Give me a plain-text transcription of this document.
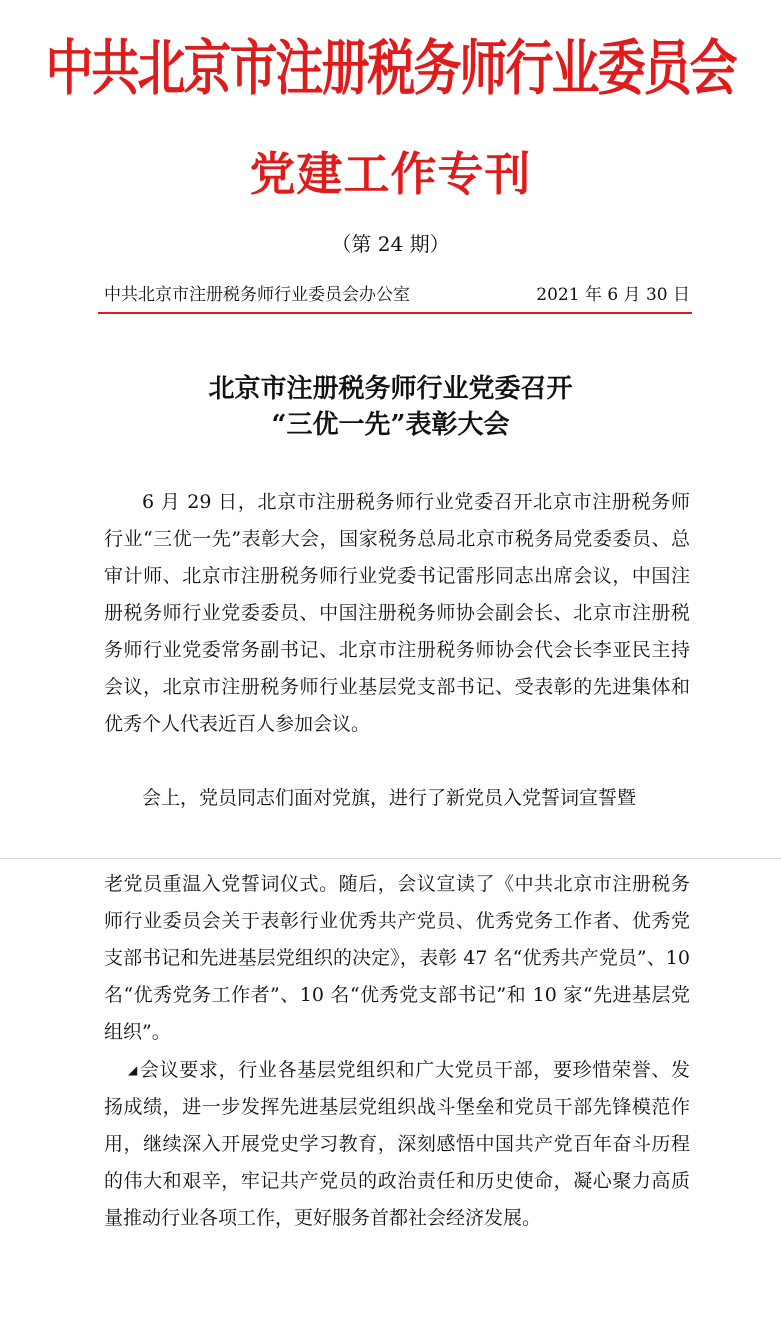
中共北京市注册税务师行业委员会
党建工作专刊
（第 24 期）
中共北京市注册税务师行业委员会办公室	2021 年 6 月 30 日
北京市注册税务师行业党委召开
“三优一先”表彰大会

6 月 29 日，北京市注册税务师行业党委召开北京市注册税务师行业“三优一先”表彰大会，国家税务总局北京市税务局党委委员、总审计师、北京市注册税务师行业党委书记雷彤同志出席会议，中国注册税务师行业党委委员、中国注册税务师协会副会长、北京市注册税务师行业党委常务副书记、北京市注册税务师协会代会长李亚民主持会议，北京市注册税务师行业基层党支部书记、受表彰的先进集体和优秀个人代表近百人参加会议。

会上，党员同志们面对党旗，进行了新党员入党誓词宣誓暨

老党员重温入党誓词仪式。随后，会议宣读了《中共北京市注册税务师行业委员会关于表彰行业优秀共产党员、优秀党务工作者、优秀党支部书记和先进基层党组织的决定》，表彰 47 名“优秀共产党员”、10 名“优秀党务工作者”、10 名“优秀党支部书记”和 10 家“先进基层党组织”。

◢ 会议要求，行业各基层党组织和广大党员干部，要珍惜荣誉、发扬成绩，进一步发挥先进基层党组织战斗堡垒和党员干部先锋模范作用，继续深入开展党史学习教育，深刻感悟中国共产党百年奋斗历程的伟大和艰辛，牢记共产党员的政治责任和历史使命，凝心聚力高质量推动行业各项工作，更好服务首都社会经济发展。
